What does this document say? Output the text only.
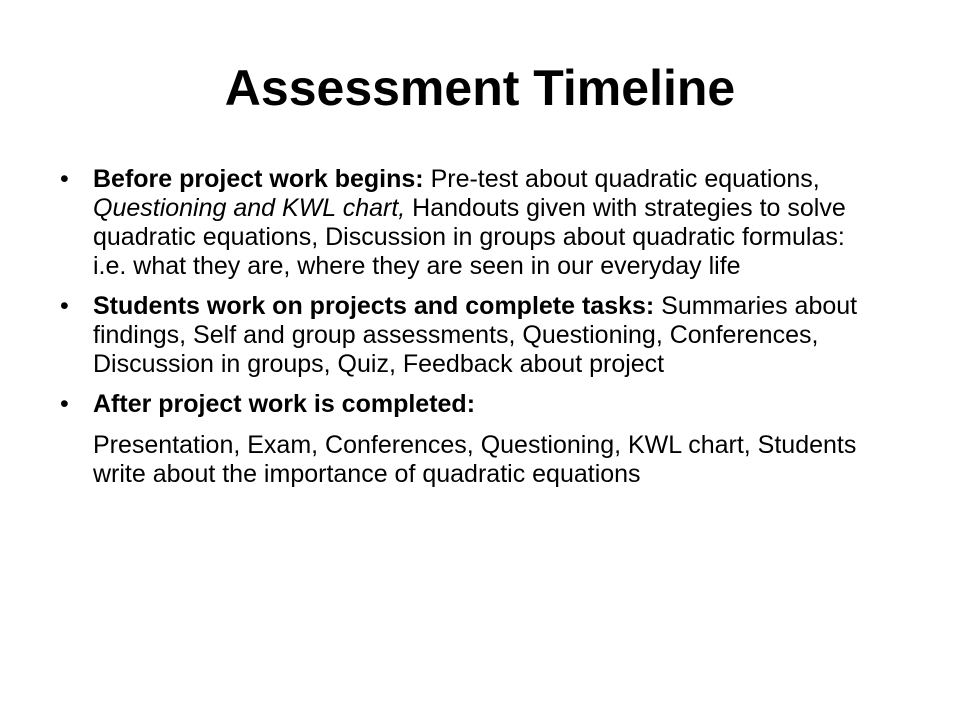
Assessment Timeline
• Before project work begins: Pre-test about quadratic equations, Questioning and KWL chart, Handouts given with strategies to solve quadratic equations, Discussion in groups about quadratic formulas: i.e. what they are, where they are seen in our everyday life
• Students work on projects and complete tasks: Summaries about findings, Self and group assessments, Questioning, Conferences, Discussion in groups, Quiz, Feedback about project
• After project work is completed:
Presentation, Exam, Conferences, Questioning, KWL chart, Students write about the importance of quadratic equations
